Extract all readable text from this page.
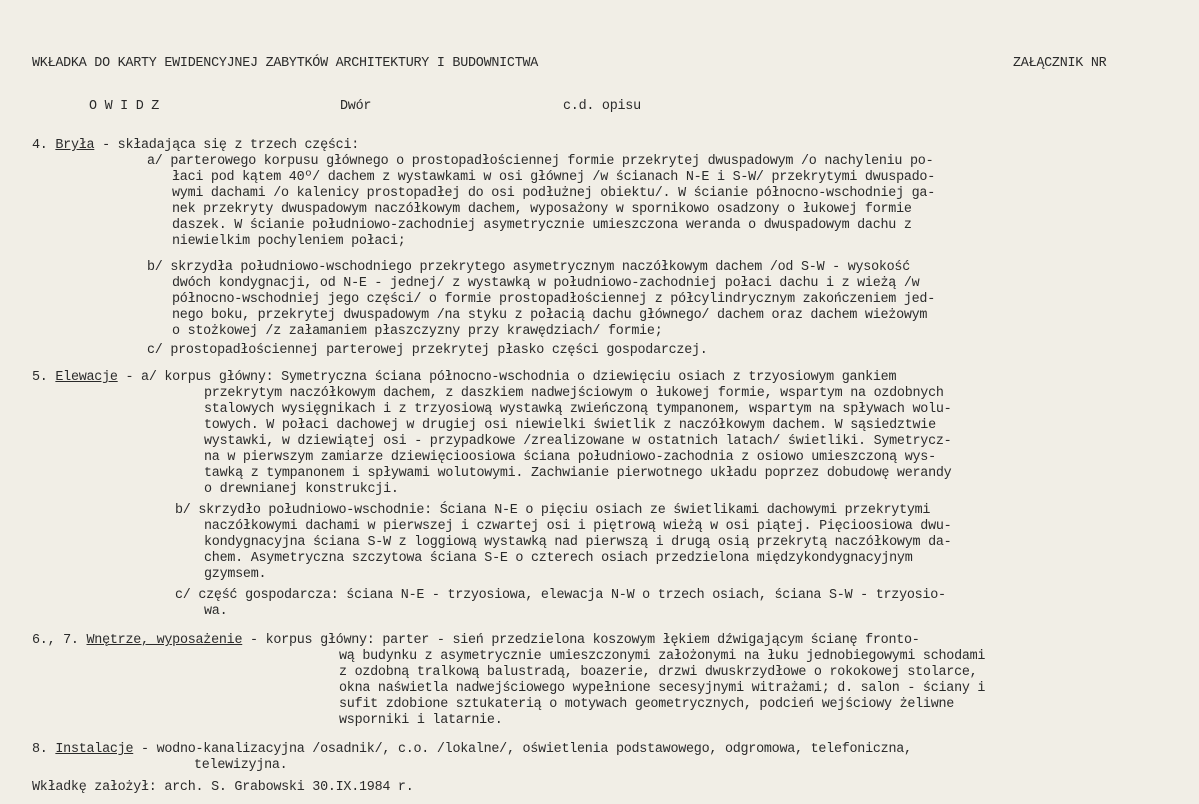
WKŁADKA DO KARTY EWIDENCYJNEJ ZABYTKÓW ARCHITEKTURY I BUDOWNICTWA	ZAŁĄCZNIK NR
O W I D Z	Dwór	c.d. opisu
4. Bryła - składająca się z trzech części:
a/ parterowego korpusu głównego o prostopadłościennej formie przekrytej dwuspadowym /o nachyleniu po-
łaci pod kątem 40º/ dachem z wystawkami w osi głównej /w ścianach N-E i S-W/ przekrytymi dwuspado-
wymi dachami /o kalenicy prostopadłej do osi podłużnej obiektu/. W ścianie północno-wschodniej ga-
nek przekryty dwuspadowym naczółkowym dachem, wyposażony w spornikowo osadzony o łukowej formie
daszek. W ścianie południowo-zachodniej asymetrycznie umieszczona weranda o dwuspadowym dachu z
niewielkim pochyleniem połaci;
b/ skrzydła południowo-wschodniego przekrytego asymetrycznym naczółkowym dachem /od S-W - wysokość
dwóch kondygnacji, od N-E - jednej/ z wystawką w południowo-zachodniej połaci dachu i z wieżą /w
północno-wschodniej jego części/ o formie prostopadłościennej z półcylindrycznym zakończeniem jed-
nego boku, przekrytej dwuspadowym /na styku z połacią dachu głównego/ dachem oraz dachem wieżowym
o stożkowej /z załamaniem płaszczyzny przy krawędziach/ formie;
c/ prostopadłościennej parterowej przekrytej płasko części gospodarczej.
5. Elewacje - a/ korpus główny: Symetryczna ściana północno-wschodnia o dziewięciu osiach z trzyosiowym gankiem
przekrytym naczółkowym dachem, z daszkiem nadwejściowym o łukowej formie, wspartym na ozdobnych
stalowych wysięgnikach i z trzyosiową wystawką zwieńczoną tympanonem, wspartym na spływach wolu-
towych. W połaci dachowej w drugiej osi niewielki świetlik z naczółkowym dachem. W sąsiedztwie
wystawki, w dziewiątej osi - przypadkowe /zrealizowane w ostatnich latach/ świetliki. Symetrycz-
na w pierwszym zamiarze dziewięcioosiowa ściana południowo-zachodnia z osiowo umieszczoną wys-
tawką z tympanonem i spływami wolutowymi. Zachwianie pierwotnego układu poprzez dobudowę werandy
o drewnianej konstrukcji.
b/ skrzydło południowo-wschodnie: Ściana N-E o pięciu osiach ze świetlikami dachowymi przekrytymi
naczółkowymi dachami w pierwszej i czwartej osi i piętrową wieżą w osi piątej. Pięcioosiowa dwu-
kondygnacyjna ściana S-W z loggiową wystawką nad pierwszą i drugą osią przekrytą naczółkowym da-
chem. Asymetryczna szczytowa ściana S-E o czterech osiach przedzielona międzykondygnacyjnym
gzymsem.
c/ część gospodarcza: ściana N-E - trzyosiowa, elewacja N-W o trzech osiach, ściana S-W - trzyosio-
wa.
6., 7. Wnętrze, wyposażenie - korpus główny: parter - sień przedzielona koszowym łękiem dźwigającym ścianę fronto-
wą budynku z asymetrycznie umieszczonymi założonymi na łuku jednobiegowymi schodami
z ozdobną tralkową balustradą, boazerie, drzwi dwuskrzydłowe o rokokowej stolarce,
okna naświetla nadwejściowego wypełnione secesyjnymi witrażami; d. salon - ściany i
sufit zdobione sztukaterią o motywach geometrycznych, podcień wejściowy żeliwne
wsporniki i latarnie.
8. Instalacje - wodno-kanalizacyjna /osadnik/, c.o. /lokalne/, oświetlenia podstawowego, odgromowa, telefoniczna,
telewizyjna.
Wkładkę założył: arch. S. Grabowski 30.IX.1984 r.
